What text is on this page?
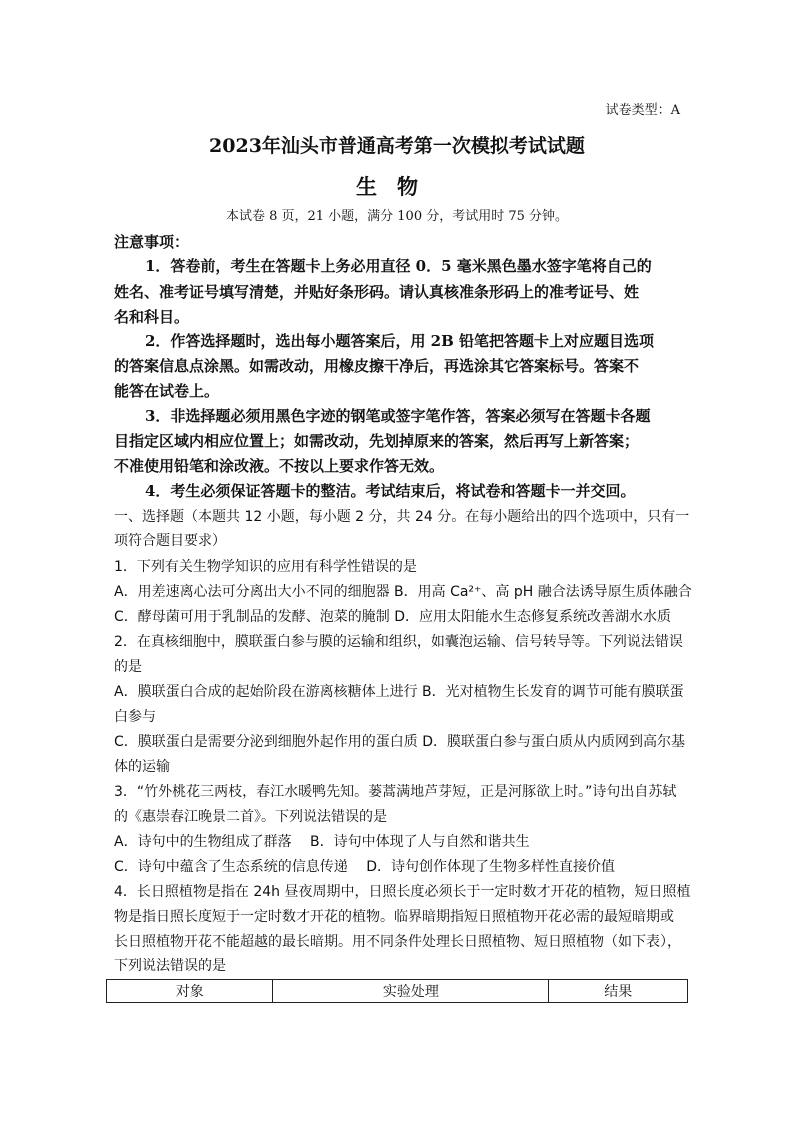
试卷类型：A
2023年汕头市普通高考第一次模拟考试试题
生物
本试卷 8 页，21 小题，满分 100 分，考试用时 75 分钟。
注意事项：
1．答卷前，考生在答题卡上务必用直径 0．5 毫米黑色墨水签字笔将自己的
姓名、准考证号填写清楚，并贴好条形码。请认真核准条形码上的准考证号、姓
名和科目。
2．作答选择题时，选出每小题答案后，用 2B 铅笔把答题卡上对应题目选项
的答案信息点涂黑。如需改动，用橡皮擦干净后，再选涂其它答案标号。答案不
能答在试卷上。
3．非选择题必须用黑色字迹的钢笔或签字笔作答，答案必须写在答题卡各题
目指定区域内相应位置上；如需改动，先划掉原来的答案，然后再写上新答案；
不准使用铅笔和涂改液。不按以上要求作答无效。
4．考生必须保证答题卡的整洁。考试结束后，将试卷和答题卡一并交回。
一、选择题（本题共 12 小题，每小题 2 分，共 24 分。在每小题给出的四个选项中，只有一
项符合题目要求）
1．下列有关生物学知识的应用有科学性错误的是
A．用差速离心法可分离出大小不同的细胞器 B．用高 Ca²⁺、高 pH 融合法诱导原生质体融合
C．酵母菌可用于乳制品的发酵、泡菜的腌制 D．应用太阳能水生态修复系统改善湖水水质
2．在真核细胞中，膜联蛋白参与膜的运输和组织，如囊泡运输、信号转导等。下列说法错误
的是
A．膜联蛋白合成的起始阶段在游离核糖体上进行 B．光对植物生长发育的调节可能有膜联蛋
白参与
C．膜联蛋白是需要分泌到细胞外起作用的蛋白质 D．膜联蛋白参与蛋白质从内质网到高尔基
体的运输
3．“竹外桃花三两枝，春江水暖鸭先知。蒌蒿满地芦芽短，正是河豚欲上时。”诗句出自苏轼
的《惠崇春江晚景二首》。下列说法错误的是
A．诗句中的生物组成了群落　 B．诗句中体现了人与自然和谐共生
C．诗句中蕴含了生态系统的信息传递　 D．诗句创作体现了生物多样性直接价值
4．长日照植物是指在 24h 昼夜周期中，日照长度必须长于一定时数才开花的植物，短日照植
物是指日照长度短于一定时数才开花的植物。临界暗期指短日照植物开花必需的最短暗期或
长日照植物开花不能超越的最长暗期。用不同条件处理长日照植物、短日照植物（如下表），
下列说法错误的是
对象	实验处理	结果
